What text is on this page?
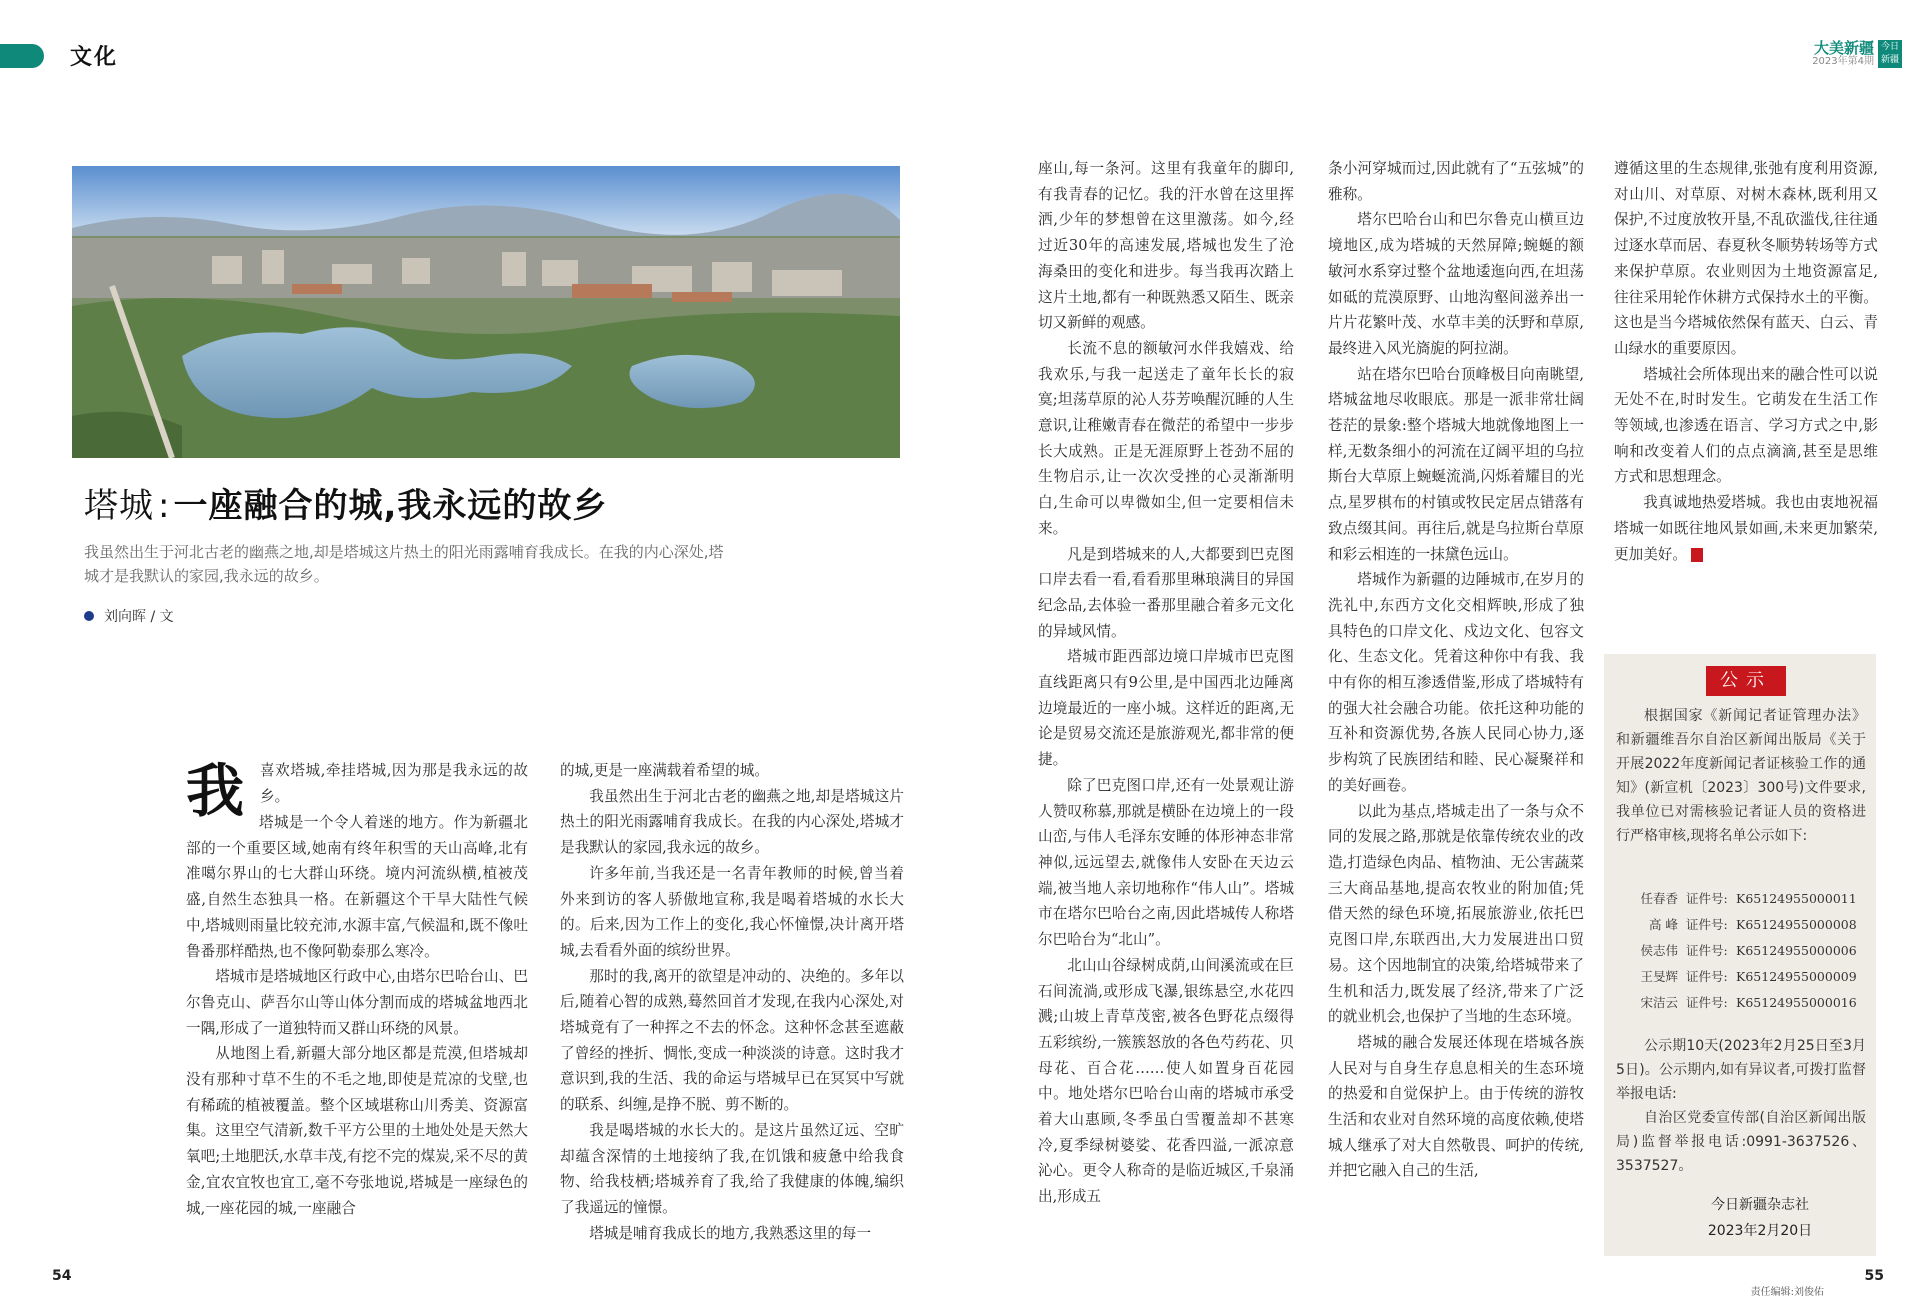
文化	大美新疆
2023年第4期
今日新疆
塔城 : 一座融合的城,我永远的故乡
我虽然出生于河北古老的幽燕之地,却是塔城这片热土的阳光雨露哺育我成长。在我的内心深处,塔城才是我默认的家园,我永远的故乡。
刘向晖 / 文
我 喜欢塔城,牵挂塔城,因为那是我永远的故乡。

塔城是一个令人着迷的地方。作为新疆北部的一个重要区域,她南有终年积雪的天山高峰,北有准噶尔界山的七大群山环绕。境内河流纵横,植被茂盛,自然生态独具一格。在新疆这个干旱大陆性气候中,塔城则雨量比较充沛,水源丰富,气候温和,既不像吐鲁番那样酷热,也不像阿勒泰那么寒冷。

塔城市是塔城地区行政中心,由塔尔巴哈台山、巴尔鲁克山、萨吾尔山等山体分割而成的塔城盆地西北一隅,形成了一道独特而又群山环绕的风景。

从地图上看,新疆大部分地区都是荒漠,但塔城却没有那种寸草不生的不毛之地,即使是荒凉的戈壁,也有稀疏的植被覆盖。整个区域堪称山川秀美、资源富集。这里空气清新,数千平方公里的土地处处是天然大氧吧;土地肥沃,水草丰茂,有挖不完的煤炭,采不尽的黄金,宜农宜牧也宜工,毫不夸张地说,塔城是一座绿色的城,一座花园的城,一座融合

的城,更是一座满载着希望的城。

我虽然出生于河北古老的幽燕之地,却是塔城这片热土的阳光雨露哺育我成长。在我的内心深处,塔城才是我默认的家园,我永远的故乡。

许多年前,当我还是一名青年教师的时候,曾当着外来到访的客人骄傲地宣称,我是喝着塔城的水长大的。后来,因为工作上的变化,我心怀憧憬,决计离开塔城,去看看外面的缤纷世界。

那时的我,离开的欲望是冲动的、决绝的。多年以后,随着心智的成熟,蓦然回首才发现,在我内心深处,对塔城竟有了一种挥之不去的怀念。这种怀念甚至遮蔽了曾经的挫折、惆怅,变成一种淡淡的诗意。这时我才意识到,我的生活、我的命运与塔城早已在冥冥中写就的联系、纠缠,是挣不脱、剪不断的。

我是喝塔城的水长大的。是这片虽然辽远、空旷却蕴含深情的土地接纳了我,在饥饿和疲惫中给我食物、给我枝栖;塔城养育了我,给了我健康的体魄,编织了我遥远的憧憬。

塔城是哺育我成长的地方,我熟悉这里的每一

座山,每一条河。这里有我童年的脚印,有我青春的记忆。我的汗水曾在这里挥洒,少年的梦想曾在这里激荡。如今,经过近30年的高速发展,塔城也发生了沧海桑田的变化和进步。每当我再次踏上这片土地,都有一种既熟悉又陌生、既亲切又新鲜的观感。

长流不息的额敏河水伴我嬉戏、给我欢乐,与我一起送走了童年长长的寂寞;坦荡草原的沁人芬芳唤醒沉睡的人生意识,让稚嫩青春在微茫的希望中一步步长大成熟。正是无涯原野上苍劲不屈的生物启示,让一次次受挫的心灵渐渐明白,生命可以卑微如尘,但一定要相信未来。

凡是到塔城来的人,大都要到巴克图口岸去看一看,看看那里琳琅满目的异国纪念品,去体验一番那里融合着多元文化的异域风情。

塔城市距西部边境口岸城市巴克图直线距离只有9公里,是中国西北边陲离边境最近的一座小城。这样近的距离,无论是贸易交流还是旅游观光,都非常的便捷。

除了巴克图口岸,还有一处景观让游人赞叹称慕,那就是横卧在边境上的一段山峦,与伟人毛泽东安睡的体形神态非常神似,远远望去,就像伟人安卧在天边云端,被当地人亲切地称作“伟人山”。塔城市在塔尔巴哈台之南,因此塔城传人称塔尔巴哈台为“北山”。

北山山谷绿树成荫,山间溪流或在巨石间流淌,或形成飞瀑,银练悬空,水花四溅;山坡上青草茂密,被各色野花点缀得五彩缤纷,一簇簇怒放的各色芍药花、贝母花、百合花……使人如置身百花园中。地处塔尔巴哈台山南的塔城市承受着大山惠顾,冬季虽白雪覆盖却不甚寒冷,夏季绿树婆娑、花香四溢,一派凉意沁心。更令人称奇的是临近城区,千泉涌出,形成五

条小河穿城而过,因此就有了“五弦城”的雅称。

塔尔巴哈台山和巴尔鲁克山横亘边境地区,成为塔城的天然屏障;蜿蜒的额敏河水系穿过整个盆地逶迤向西,在坦荡如砥的荒漠原野、山地沟壑间滋养出一片片花繁叶茂、水草丰美的沃野和草原,最终进入风光旖旎的阿拉湖。

站在塔尔巴哈台顶峰极目向南眺望,塔城盆地尽收眼底。那是一派非常壮阔苍茫的景象:整个塔城大地就像地图上一样,无数条细小的河流在辽阔平坦的乌拉斯台大草原上蜿蜒流淌,闪烁着耀目的光点,星罗棋布的村镇或牧民定居点错落有致点缀其间。再往后,就是乌拉斯台草原和彩云相连的一抹黛色远山。

塔城作为新疆的边陲城市,在岁月的洗礼中,东西方文化交相辉映,形成了独具特色的口岸文化、戍边文化、包容文化、生态文化。凭着这种你中有我、我中有你的相互渗透借鉴,形成了塔城特有的强大社会融合功能。依托这种功能的互补和资源优势,各族人民同心协力,逐步构筑了民族团结和睦、民心凝聚祥和的美好画卷。

以此为基点,塔城走出了一条与众不同的发展之路,那就是依靠传统农业的改造,打造绿色肉品、植物油、无公害蔬菜三大商品基地,提高农牧业的附加值;凭借天然的绿色环境,拓展旅游业,依托巴克图口岸,东联西出,大力发展进出口贸易。这个因地制宜的决策,给塔城带来了生机和活力,既发展了经济,带来了广泛的就业机会,也保护了当地的生态环境。

塔城的融合发展还体现在塔城各族人民对与自身生存息息相关的生态环境的热爱和自觉保护上。由于传统的游牧生活和农业对自然环境的高度依赖,使塔城人继承了对大自然敬畏、呵护的传统,并把它融入自己的生活,

遵循这里的生态规律,张弛有度利用资源,对山川、对草原、对树木森林,既利用又保护,不过度放牧开垦,不乱砍滥伐,往往通过逐水草而居、春夏秋冬顺势转场等方式来保护草原。农业则因为土地资源富足,往往采用轮作休耕方式保持水土的平衡。这也是当今塔城依然保有蓝天、白云、青山绿水的重要原因。

塔城社会所体现出来的融合性可以说无处不在,时时发生。它萌发在生活工作等领域,也渗透在语言、学习方式之中,影响和改变着人们的点点滴滴,甚至是思维方式和思想理念。

我真诚地热爱塔城。我也由衷地祝福塔城一如既往地风景如画,未来更加繁荣,更加美好。

公示

根据国家《新闻记者证管理办法》和新疆维吾尔自治区新闻出版局《关于开展2022年度新闻记者证核验工作的通知》(新宣机〔2023〕300号)文件要求,我单位已对需核验记者证人员的资格进行严格审核,现将名单公示如下:

任春香 证件号: K65124955000011
高 峰 证件号: K65124955000008
侯志伟 证件号: K65124955000006
王旻辉 证件号: K65124955000009
宋洁云 证件号: K65124955000016

公示期10天(2023年2月25日至3月5日)。公示期内,如有异议者,可拨打监督举报电话:

自治区党委宣传部(自治区新闻出版局)监督举报电话:0991-3637526、3537527。

今日新疆杂志社
2023年2月20日
54
责任编辑:刘俊佑
55
